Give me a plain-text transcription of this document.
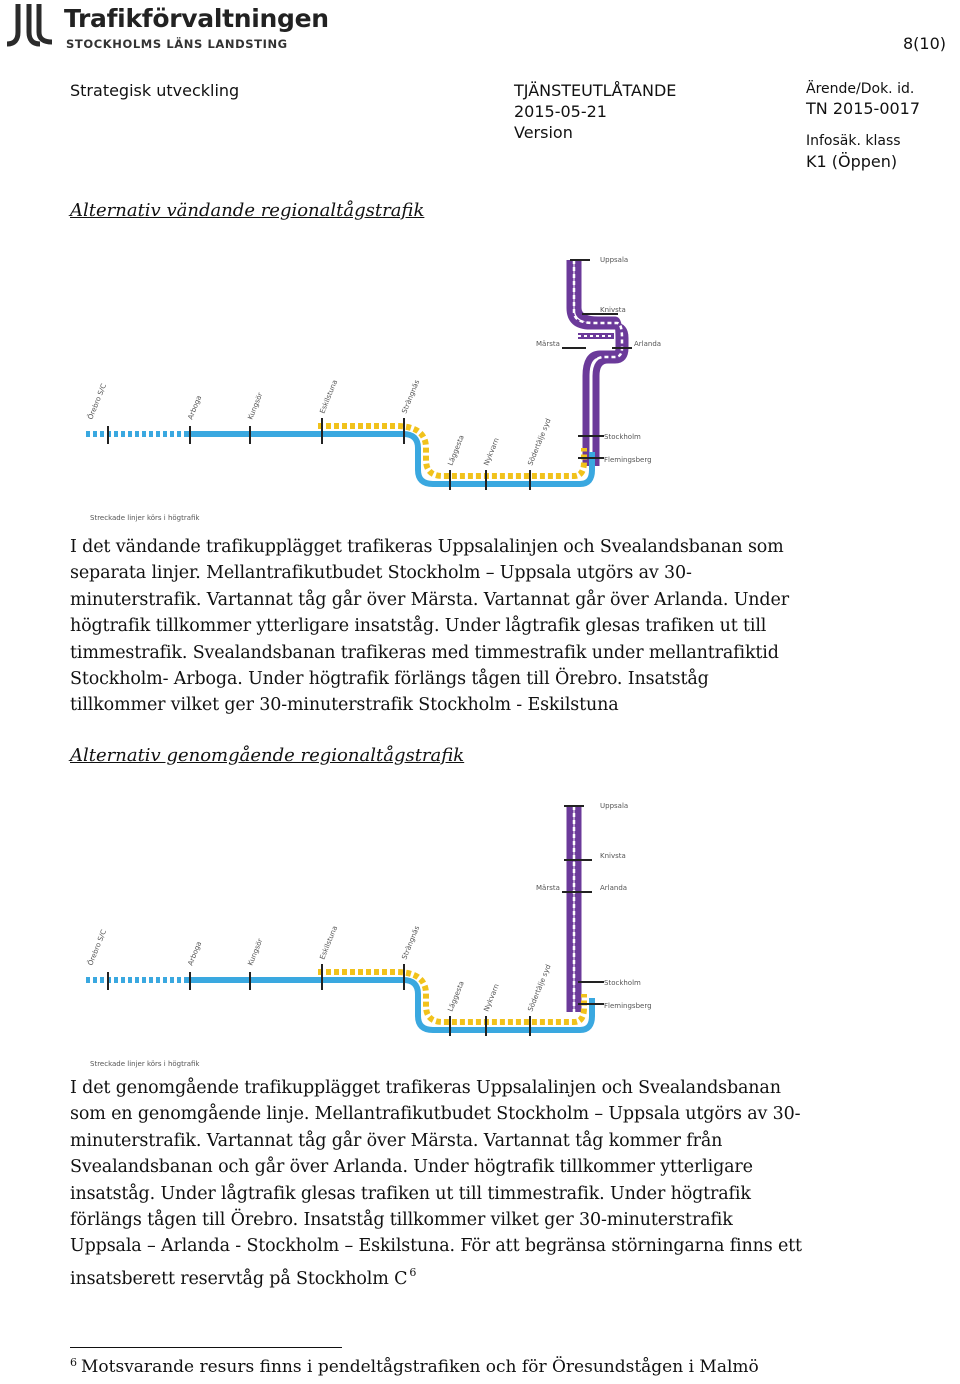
Trafikförvaltningen
STOCKHOLMS LÄNS LANDSTING	8(10)
Strategisk utveckling	TJÄNSTEUTLÅTANDE
2015-05-21
Version
Ärende/Dok. id.
TN 2015-0017
Infosäk. klass
K1 (Öppen)
Alternativ vändande regionaltågstrafik
Uppsala
Knivsta
Märsta	Arlanda
Stockholm
Flemingsberg
Örebro S/C	Arboga	Kungsör	Eskilstuna	Strängnäs
Läggesta Nykvarn	Södertälje syd
Streckade linjer körs i högtrafik
I det vändande trafikupplägget trafikeras Uppsalalinjen och Svealandsbanan som separata linjer. Mellantrafikutbudet Stockholm – Uppsala utgörs av 30-minuterstrafik. Vartannat tåg går över Märsta. Vartannat går över Arlanda. Under högtrafik tillkommer ytterligare insatståg. Under lågtrafik glesas trafiken ut till timmestrafik. Svealandsbanan trafikeras med timmestrafik under mellantrafiktid Stockholm- Arboga. Under högtrafik förlängs tågen till Örebro. Insatståg tillkommer vilket ger 30-minuterstrafik Stockholm - Eskilstuna
Alternativ genomgående regionaltågstrafik
Uppsala
Knivsta
Märsta	Arlanda
Stockholm
Flemingsberg
Örebro S/C	Arboga	Kungsör	Eskilstuna	Strängnäs
Läggesta Nykvarn	Södertälje syd
Streckade linjer körs i högtrafik
I det genomgående trafikupplägget trafikeras Uppsalalinjen och Svealandsbanan som en genomgående linje. Mellantrafikutbudet Stockholm – Uppsala utgörs av 30-minuterstrafik. Vartannat tåg går över Märsta. Vartannat tåg kommer från Svealandsbanan och går över Arlanda. Under högtrafik tillkommer ytterligare insatståg. Under lågtrafik glesas trafiken ut till timmestrafik. Under högtrafik förlängs tågen till Örebro. Insatståg tillkommer vilket ger 30-minuterstrafik Uppsala – Arlanda - Stockholm – Eskilstuna. För att begränsa störningarna finns ett insatsberett reservtåg på Stockholm C $^6$
$^6$ Motsvarande resurs finns i pendeltågstrafiken och för Öresundstågen i Malmö
